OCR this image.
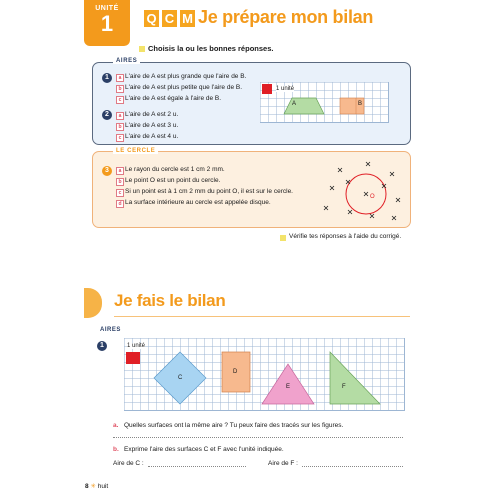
UNITÉ
1	Q C M Je prépare mon bilan
Choisis la ou les bonnes réponses.
AIRES
1	a L'aire de A est plus grande que l'aire de B.
b L'aire de A est plus petite que l'aire de B.
c L'aire de A est égale à l'aire de B.
2	a L'aire de A est 2 u.
b L'aire de A est 3 u.
c L'aire de A est 4 u.
1 unité
A	B
LE CERCLE
3	a Le rayon du cercle est 1 cm 2 mm.
b Le point O est un point du cercle.
c Si un point est à 1 cm 2 mm du point O, il est sur le cercle.
d La surface intérieure au cercle est appelée disque.
O
Vérifie tes réponses à l'aide du corrigé.
Je fais le bilan
AIRES
1	1 unité
C
D
E	F
a. Quelles surfaces ont la même aire ? Tu peux faire des tracés sur les figures.
b. Exprime l'aire des surfaces C et F avec l'unité indiquée.
Aire de C :	Aire de F :
8 ✳ huit
